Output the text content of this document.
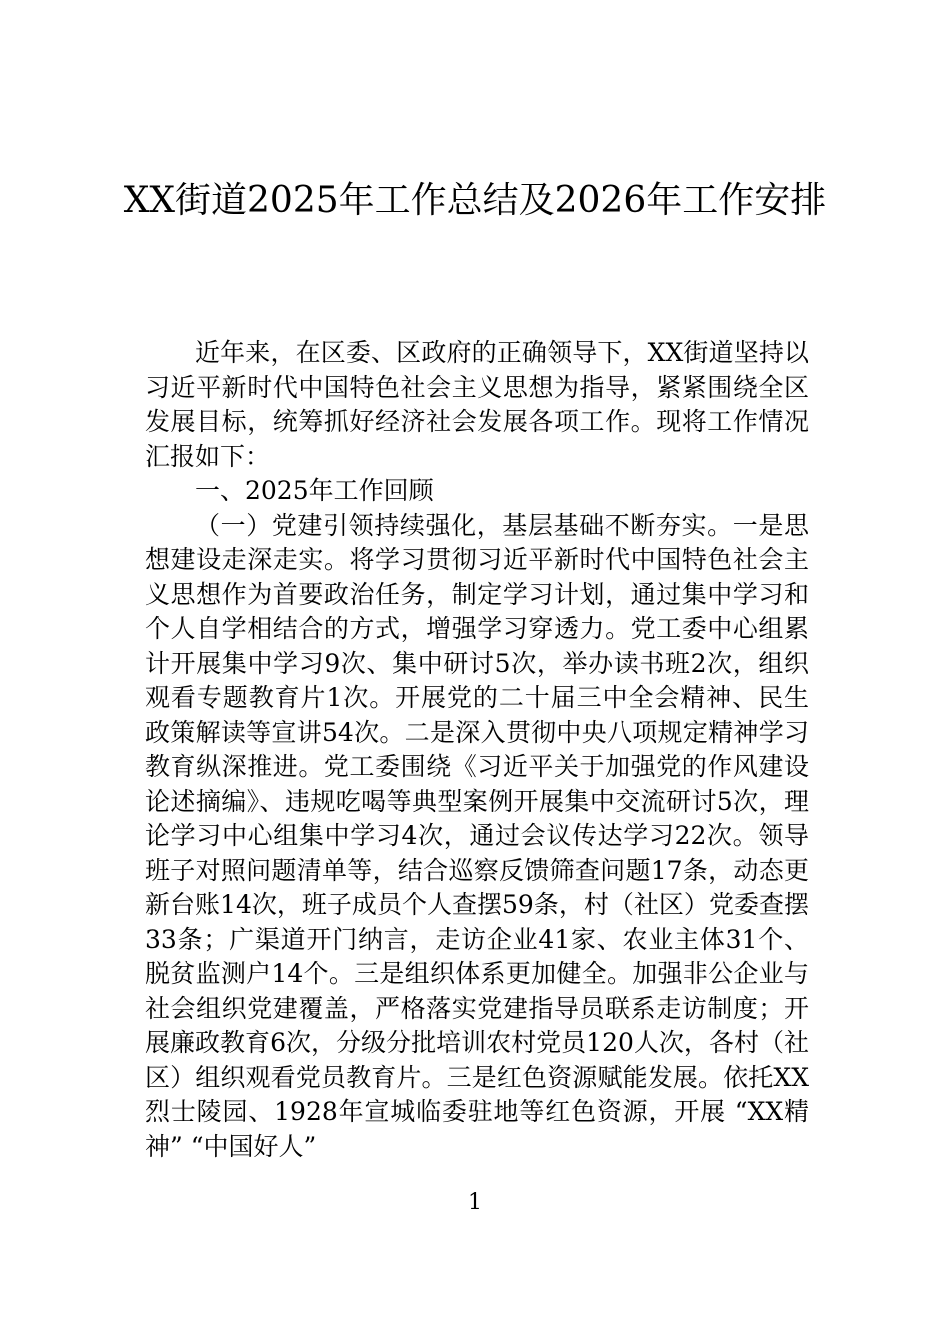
XX街道2025年工作总结及2026年工作安排

近年来，在区委、区政府的正确领导下，XX街道坚持以习近平新时代中国特色社会主义思想为指导，紧紧围绕全区发展目标，统筹抓好经济社会发展各项工作。现将工作情况汇报如下：

一、2025年工作回顾

（一）党建引领持续强化，基层基础不断夯实。一是思想建设走深走实。将学习贯彻习近平新时代中国特色社会主义思想作为首要政治任务，制定学习计划，通过集中学习和个人自学相结合的方式，增强学习穿透力。党工委中心组累计开展集中学习9次、集中研讨5次，举办读书班2次，组织观看专题教育片1次。开展党的二十届三中全会精神、民生政策解读等宣讲54次。二是深入贯彻中央八项规定精神学习教育纵深推进。党工委围绕《习近平关于加强党的作风建设论述摘编》、违规吃喝等典型案例开展集中交流研讨5次，理论学习中心组集中学习4次，通过会议传达学习22次。领导班子对照问题清单等，结合巡察反馈筛查问题17条，动态更新台账14次，班子成员个人查摆59条，村（社区）党委查摆33条；广渠道开门纳言，走访企业41家、农业主体31个、脱贫监测户14个。三是组织体系更加健全。加强非公企业与社会组织党建覆盖，严格落实党建指导员联系走访制度；开展廉政教育6次，分级分批培训农村党员120人次，各村（社区）组织观看党员教育片。三是红色资源赋能发展。依托XX烈士陵园、1928年宣城临委驻地等红色资源，开展 “XX精神” “中国好人”

1
